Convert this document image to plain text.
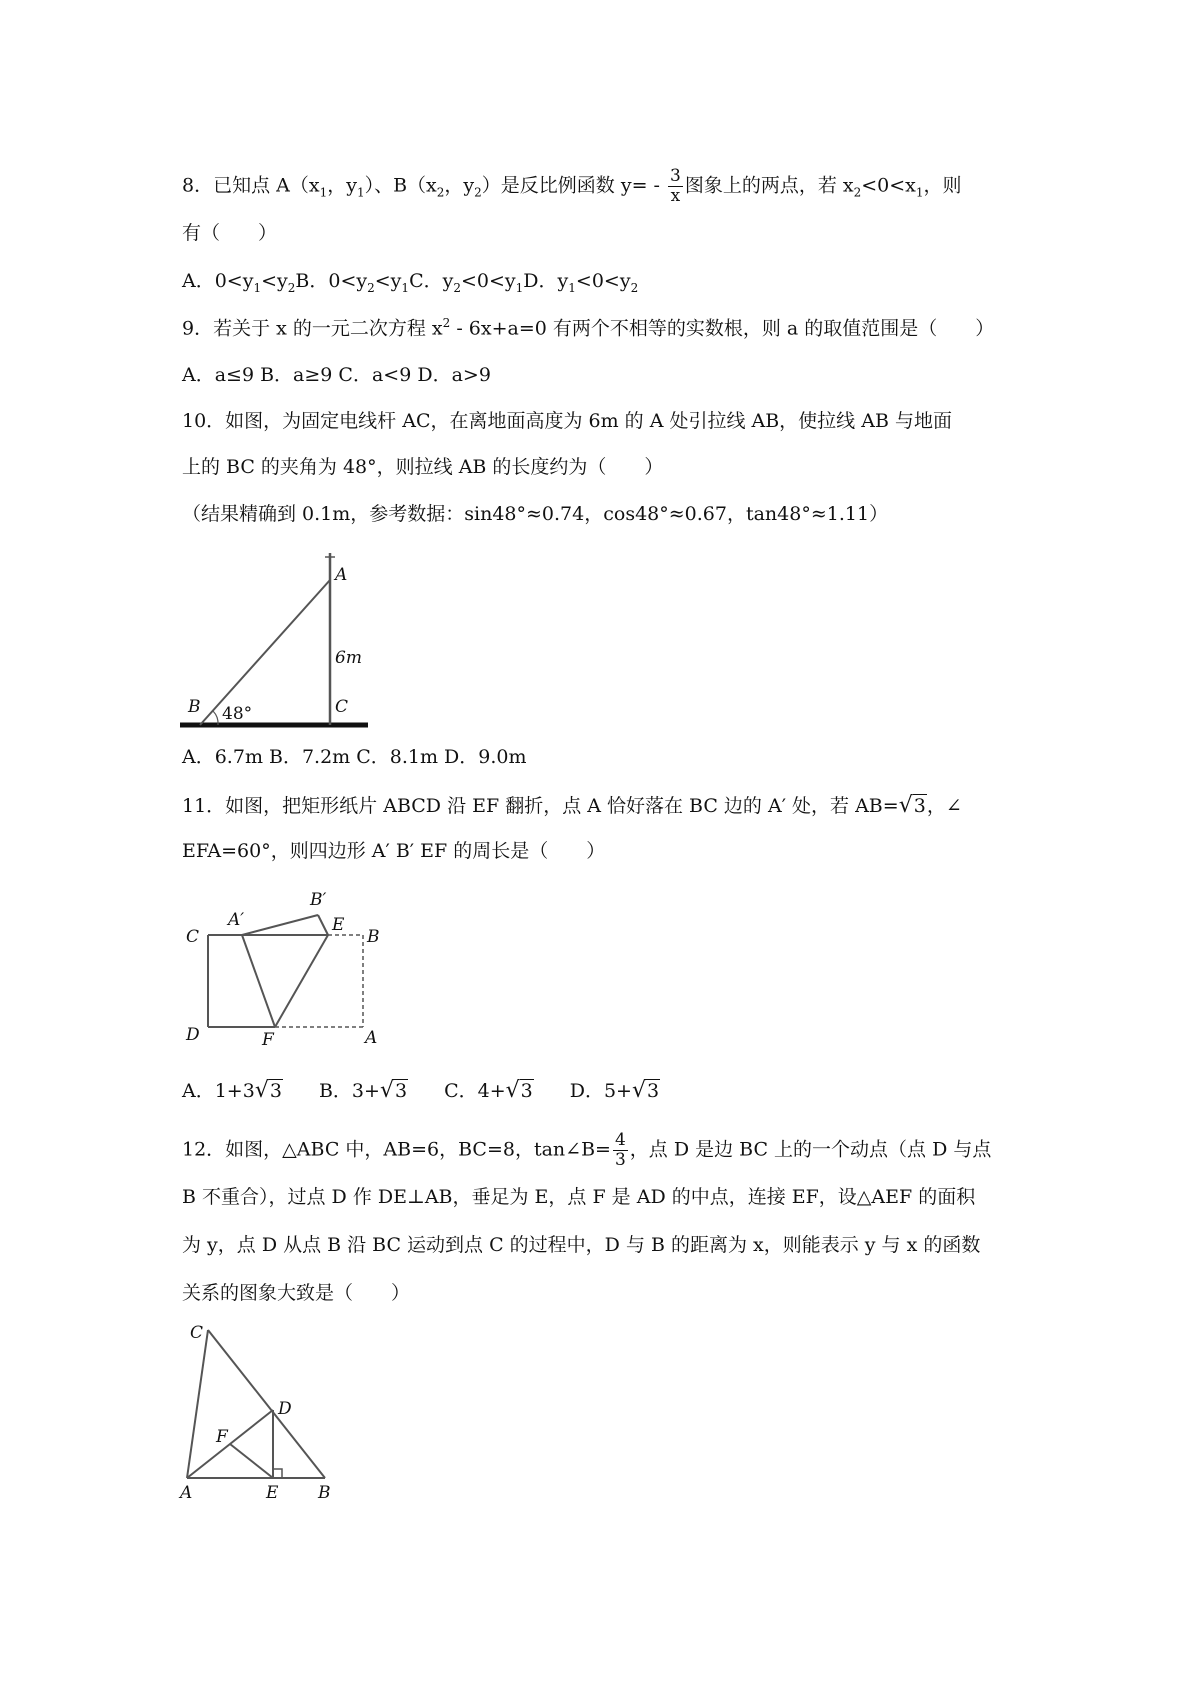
8．已知点 $A(x_1$，$y_1$）、$B(x_2$，$y_2$）是反比例函数 $y= - \frac{3}{x}$ 图象上的两点，若 $x_2<0<x_1$，则
有（　　）
A．$0<y_1<y_2B$．$0<y_2<y_1C$．$y_2<0<y_1D$．$y_1<0<y_2$
9．若关于 x 的一元二次方程 $x^2 - 6x+a=0$ 有两个不相等的实数根，则 a 的取值范围是（　　）
A．a≤9 B．a≥9 C．a<9 D．a>9
10．如图，为固定电线杆 AC，在离地面高度为 6m 的 A 处引拉线 AB，使拉线 AB 与地面
上的 BC 的夹角为 48°，则拉线 AB 的长度约为（　　）
（结果精确到 0.1m，参考数据：sin48°≈0.74，cos48°≈0.67，tan48°≈1.11）
A
B	C
6m
48°
A．6.7m B．7.2m C．8.1m D．9.0m
11．如图，把矩形纸片 ABCD 沿 EF 翻折，点 A 恰好落在 BC 边的 A′ 处，若 AB=√3，∠
EFA=60°，则四边形 A′ B′ EF 的周长是（　　）
C
D
A′
B′
E
B
F	A
A．1+3√3 B．3+√3 C．4+√3 D．5+√3
12．如图，△ABC 中，AB=6，BC=8，tan∠B= $\frac{4}{3}$ ，点 D 是边 BC 上的一个动点（点 D 与点
B 不重合），过点 D 作 DE⊥AB，垂足为 E，点 F 是 AD 的中点，连接 EF，设△AEF 的面积
为 y，点 D 从点 B 沿 BC 运动到点 C 的过程中，D 与 B 的距离为 x，则能表示 y 与 x 的函数
关系的图象大致是（　　）
C
D
F
A	E B
